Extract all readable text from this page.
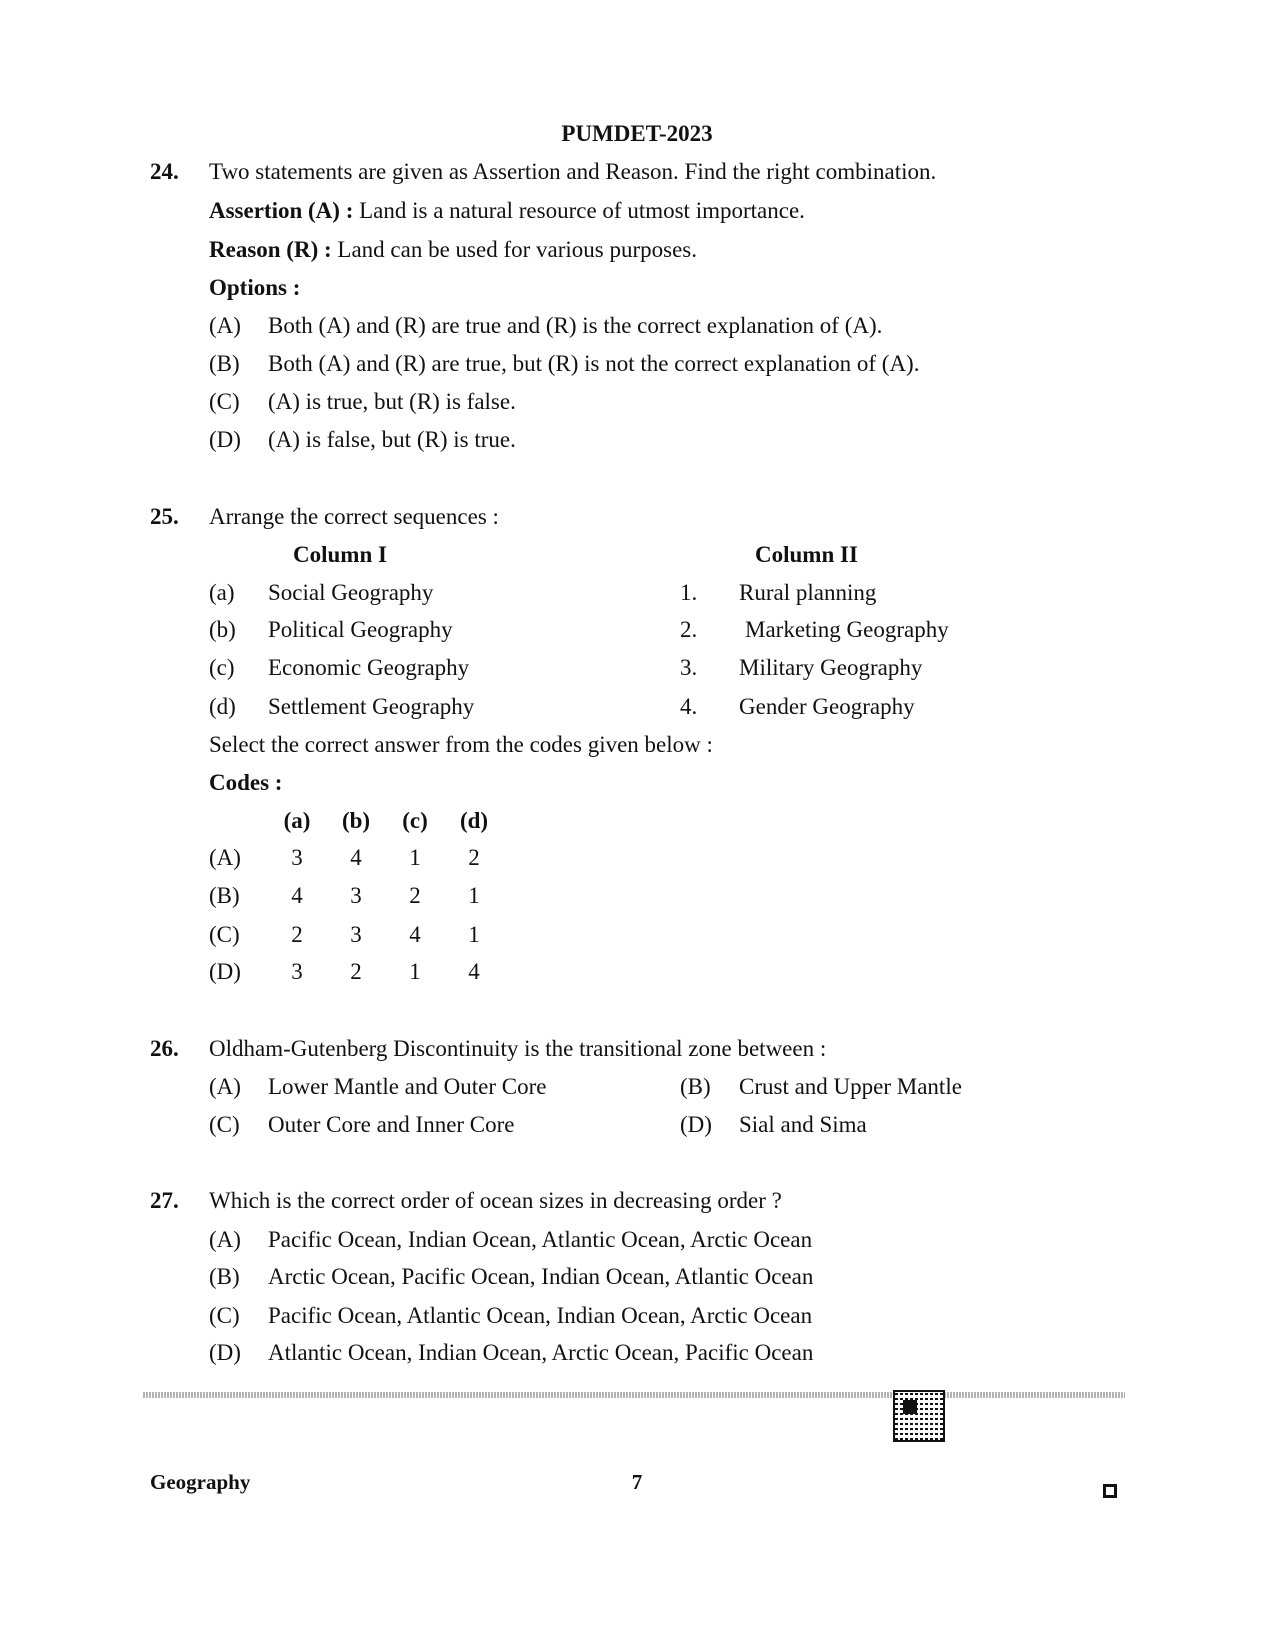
PUMDET-2023
24. Two statements are given as Assertion and Reason. Find the right combination.
Assertion (A) : Land is a natural resource of utmost importance.
Reason (R) : Land can be used for various purposes.
Options :
(A) Both (A) and (R) are true and (R) is the correct explanation of (A).
(B) Both (A) and (R) are true, but (R) is not the correct explanation of (A).
(C) (A) is true, but (R) is false.
(D) (A) is false, but (R) is true.
25. Arrange the correct sequences :
Column I	Column II
(a) Social Geography	1. Rural planning
(b) Political Geography	2. Marketing Geography
(c) Economic Geography	3. Military Geography
(d) Settlement Geography	4. Gender Geography
Select the correct answer from the codes given below :
Codes :
(a) (b) (c) (d)
(A) 3 4 1 2
(B) 4 3 2 1
(C) 2 3 4 1
(D) 3 2 1 4
26. Oldham-Gutenberg Discontinuity is the transitional zone between :
(A) Lower Mantle and Outer Core	(B) Crust and Upper Mantle
(C) Outer Core and Inner Core	(D) Sial and Sima
27. Which is the correct order of ocean sizes in decreasing order ?
(A) Pacific Ocean, Indian Ocean, Atlantic Ocean, Arctic Ocean
(B) Arctic Ocean, Pacific Ocean, Indian Ocean, Atlantic Ocean
(C) Pacific Ocean, Atlantic Ocean, Indian Ocean, Arctic Ocean
(D) Atlantic Ocean, Indian Ocean, Arctic Ocean, Pacific Ocean
Geography	7
